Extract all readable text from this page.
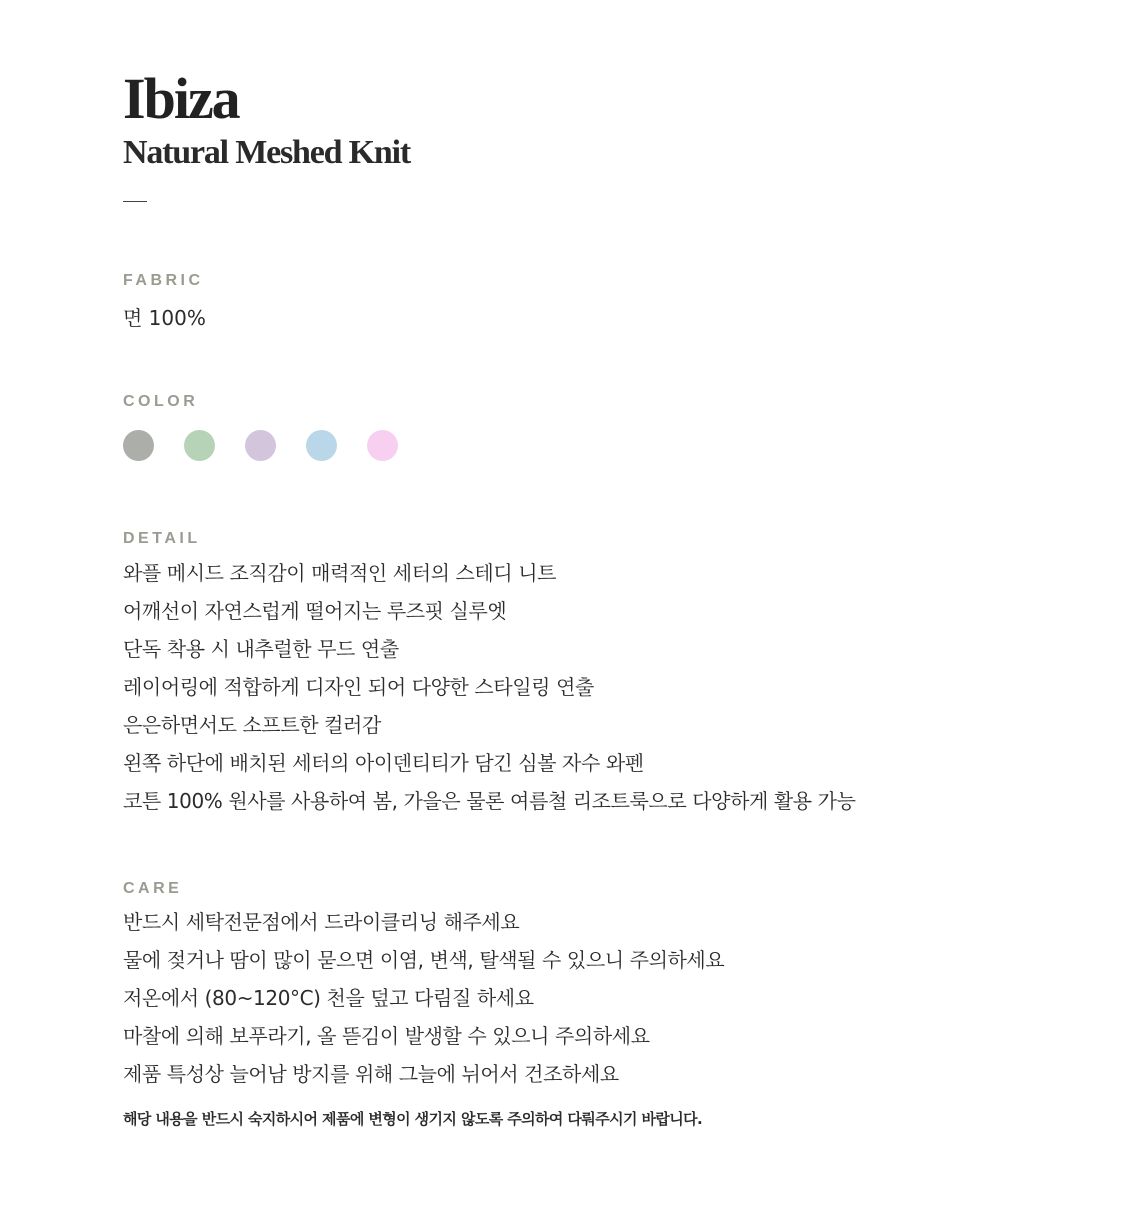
Ibiza
Natural Meshed Knit
FABRIC
면 100%
COLOR
DETAIL
와플 메시드 조직감이 매력적인 세터의 스테디 니트
어깨선이 자연스럽게 떨어지는 루즈핏 실루엣
단독 착용 시 내추럴한 무드 연출
레이어링에 적합하게 디자인 되어 다양한 스타일링 연출
은은하면서도 소프트한 컬러감
왼쪽 하단에 배치된 세터의 아이덴티티가 담긴 심볼 자수 와펜
코튼 100% 원사를 사용하여 봄, 가을은 물론 여름철 리조트룩으로 다양하게 활용 가능
CARE
반드시 세탁전문점에서 드라이클리닝 해주세요
물에 젖거나 땀이 많이 묻으면 이염, 변색, 탈색될 수 있으니 주의하세요
저온에서 (80~120°C) 천을 덮고 다림질 하세요
마찰에 의해 보푸라기, 올 뜯김이 발생할 수 있으니 주의하세요
제품 특성상 늘어남 방지를 위해 그늘에 뉘어서 건조하세요
해당 내용을 반드시 숙지하시어 제품에 변형이 생기지 않도록 주의하여 다뤄주시기 바랍니다.
